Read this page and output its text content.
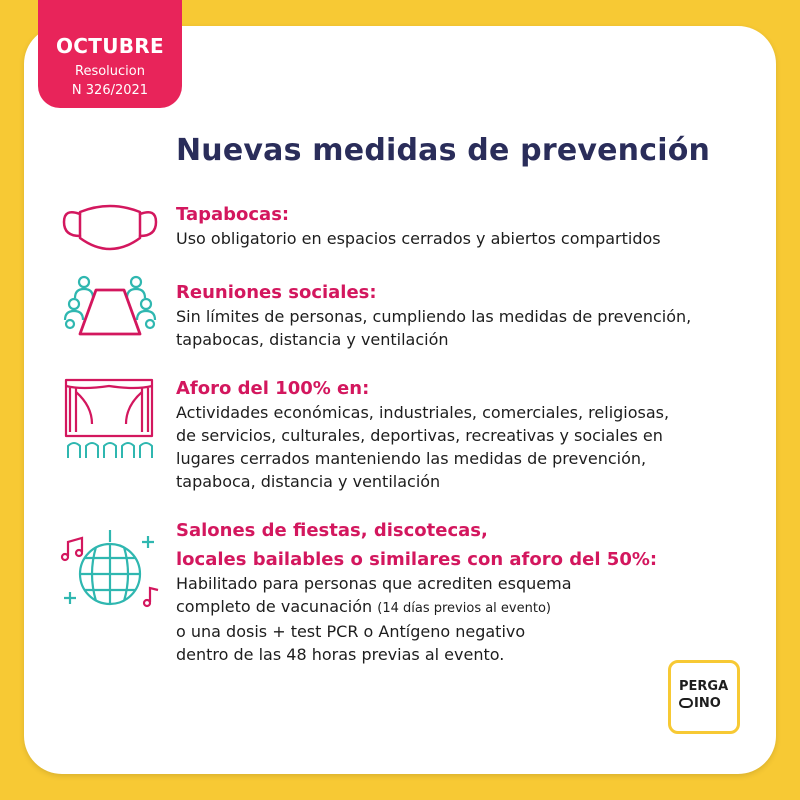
OCTUBRE
Resolucion
N 326/2021
Nuevas medidas de prevención
Tapabocas:

Uso obligatorio en espacios cerrados y abiertos compartidos

Reuniones sociales:

Sin límites de personas, cumpliendo las medidas de prevención,
tapabocas, distancia y ventilación

Aforo del 100% en:

Actividades económicas, industriales, comerciales, religiosas,
de servicios, culturales, deportivas, recreativas y sociales en
lugares cerrados manteniendo las medidas de prevención,
tapaboca, distancia y ventilación

Salones de fiestas, discotecas,
locales bailables o similares con aforo del 50%:

Habilitado para personas que acrediten esquema
completo de vacunación (14 días previos al evento)
o una dosis + test PCR o Antígeno negativo
dentro de las 48 horas previas al evento.

PERGA
INO
